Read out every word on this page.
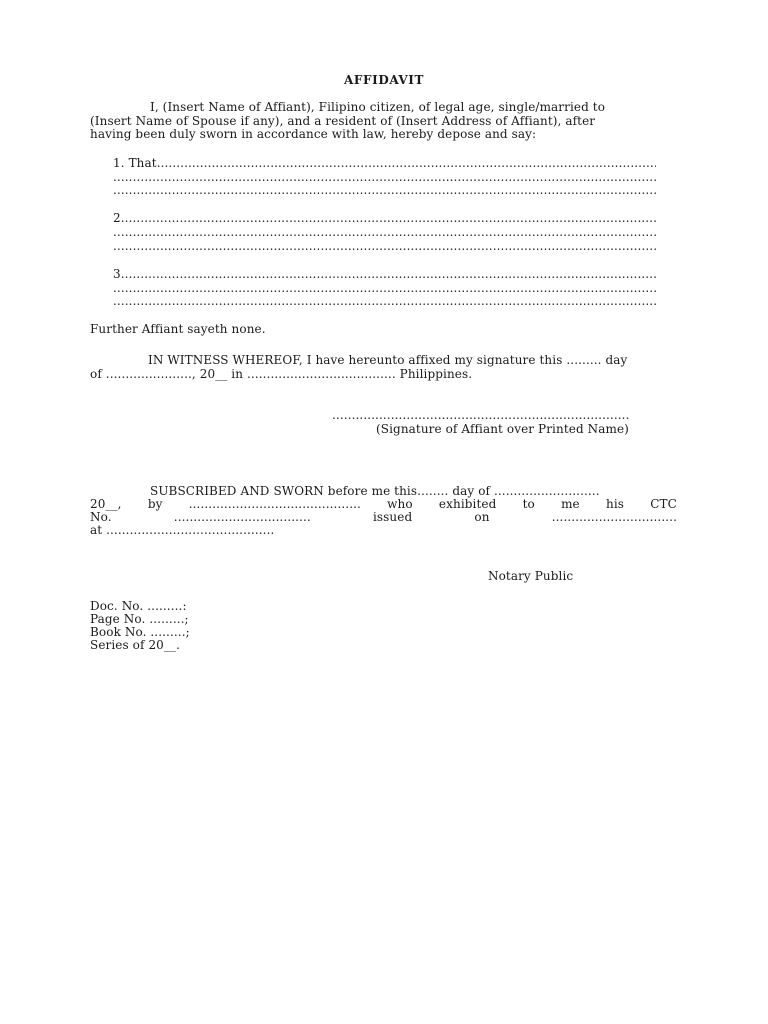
AFFIDAVIT
I, (Insert Name of Affiant), Filipino citizen, of legal age, single/married to
(Insert Name of Spouse if any), and a resident of (Insert Address of Affiant), after
having been duly sworn in accordance with law, hereby depose and say:
1. That
.....
.....
.....
2.
.....
.....
.....
3.
.....
.....
.....
Further Affiant sayeth none.
IN WITNESS WHEREOF, I have hereunto affixed my signature this ......... day
of ......................, 20__ in ...................................... Philippines.
............................................................................
(Signature of Affiant over Printed Name)
SUBSCRIBED AND SWORN before me this........ day of ...........................
20__, by ............................................ who exhibited to me his CTC
No.	...................................	issued	on	................................
at ...........................................
Notary Public
Doc. No. .........:
Page No. .........;
Book No. .........;
Series of 20__.
